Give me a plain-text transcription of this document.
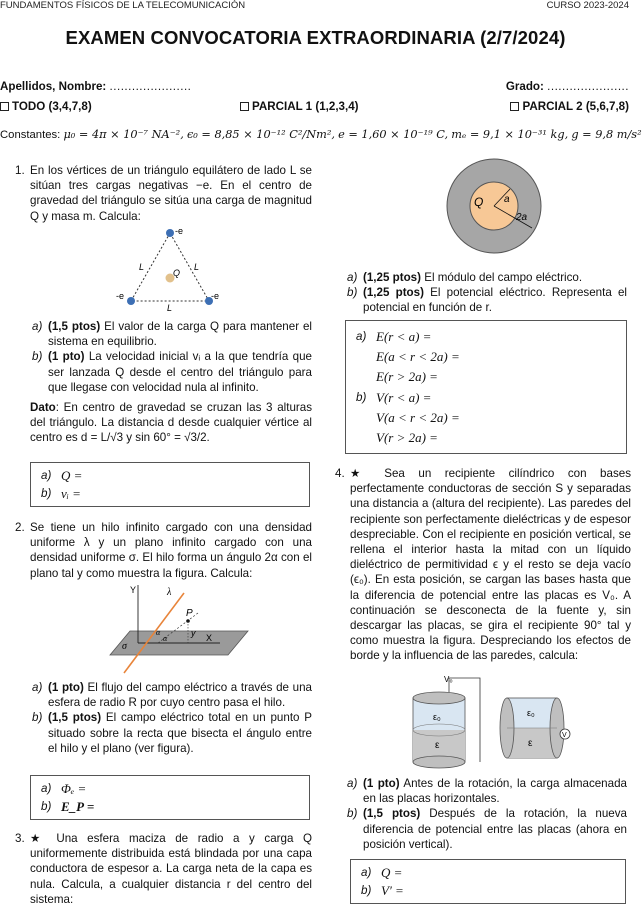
FUNDAMENTOS FÍSICOS DE LA TELECOMUNICACIÓN	CURSO 2023-2024
EXAMEN CONVOCATORIA EXTRAORDINARIA (2/7/2024)
Apellidos, Nombre: ......................	Grado: ......................
TODO (3,4,7,8)	PARCIAL 1 (1,2,3,4)	PARCIAL 2 (5,6,7,8)
Constantes: μ₀ = 4π × 10⁻⁷ NA⁻², ϵ₀ = 8,85 × 10⁻¹² C²/Nm², e = 1,60 × 10⁻¹⁹ C, mₑ = 9,1 × 10⁻³¹ kg, g = 9,8 m/s²
1. En los vértices de un triángulo equilátero de lado L se sitúan tres cargas negativas −e. En el centro de gravedad del triángulo se sitúa una carga de magnitud Q y masa m. Calcula:
-e
-e	-e
Q
L	L
L
a) (1,5 ptos) El valor de la carga Q para mantener el sistema en equilibrio.
b) (1 pto) La velocidad inicial vᵢ a la que tendría que ser lanzada Q desde el centro del triángulo para que llegase con velocidad nula al infinito.
Dato: En centro de gravedad se cruzan las 3 alturas del triángulo. La distancia d desde cualquier vértice al centro es d = L/√3 y sin 60° = √3/2.
a) Q =
b) vᵢ =
2. Se tiene un hilo infinito cargado con una densidad uniforme λ y un plano infinito cargado con una densidad uniforme σ. El hilo forma un ángulo 2α con el plano tal y como muestra la figura. Calcula:
Y	λ
P
α
α
y X
σ
a) (1 pto) El flujo del campo eléctrico a través de una esfera de radio R por cuyo centro pasa el hilo.
b) (1,5 ptos) El campo eléctrico total en un punto P situado sobre la recta que bisecta el ángulo entre el hilo y el plano (ver figura).
a) Φₑ =
b) E_P =
3. ★ Una esfera maciza de radio a y carga Q uniformemente distribuida está blindada por una capa conductora de espesor a. La carga neta de la capa es nula. Calcula, a cualquier distancia r del centro del sistema:
Q a
2a
a) (1,25 ptos) El módulo del campo eléctrico.
b) (1,25 ptos) El potencial eléctrico. Representa el potencial en función de r.
a) E(r < a) =
E(a < r < 2a) =
E(r > 2a) =
b) V(r < a) =
V(a < r < 2a) =
V(r > 2a) =
4. ★ Sea un recipiente cilíndrico con bases perfectamente conductoras de sección S y separadas una distancia a (altura del recipiente). Las paredes del recipiente son perfectamente dieléctricas y de espesor despreciable. Con el recipiente en posición vertical, se rellena el interior hasta la mitad con un líquido dieléctrico de permitividad ϵ y el resto se deja vacío (ϵ₀). En esta posición, se cargan las bases hasta que la diferencia de potencial entre las placas es V₀. A continuación se desconecta de la fuente y, sin descargar las placas, se gira el recipiente 90° tal y como muestra la figura. Despreciando los efectos de borde y la influencia de las paredes, calcula:
V₀
ε₀
ε
ε₀
ε
V
a) (1 pto) Antes de la rotación, la carga almacenada en las placas horizontales.
b) (1,5 ptos) Después de la rotación, la nueva diferencia de potencial entre las placas (ahora en posición vertical).
a) Q =
b) V′ =
